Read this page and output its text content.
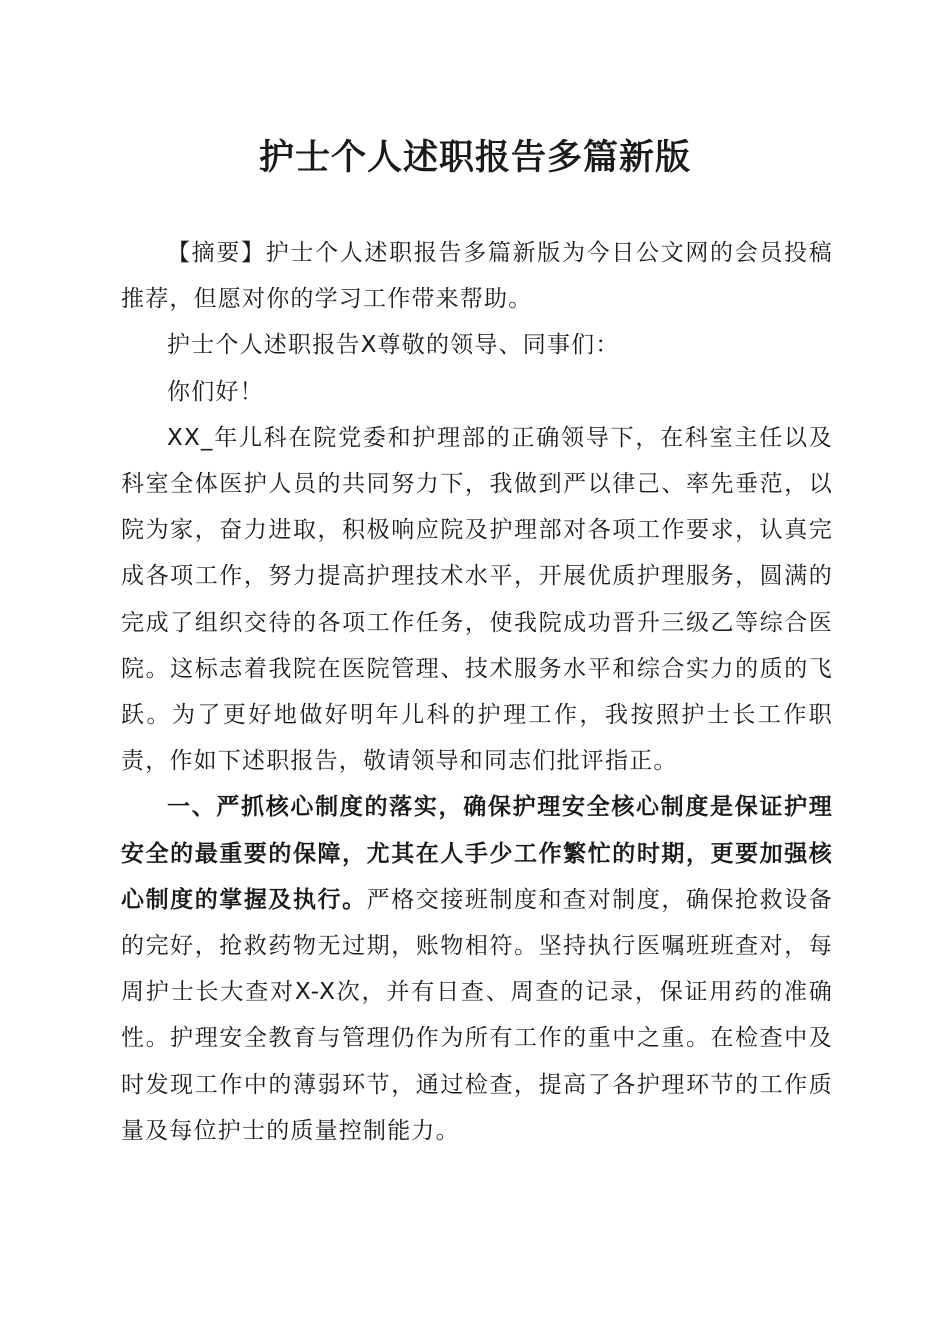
护士个人述职报告多篇新版

【摘要】护士个人述职报告多篇新版为今日公文网的会员投稿推荐，但愿对你的学习工作带来帮助。

护士个人述职报告X尊敬的领导、同事们：

你们好！

XX_年儿科在院党委和护理部的正确领导下，在科室主任以及科室全体医护人员的共同努力下，我做到严以律己、率先垂范，以院为家，奋力进取，积极响应院及护理部对各项工作要求，认真完成各项工作，努力提高护理技术水平，开展优质护理服务，圆满的完成了组织交待的各项工作任务，使我院成功晋升三级乙等综合医院。这标志着我院在医院管理、技术服务水平和综合实力的质的飞跃。为了更好地做好明年儿科的护理工作，我按照护士长工作职责，作如下述职报告，敬请领导和同志们批评指正。

一、严抓核心制度的落实，确保护理安全核心制度是保证护理安全的最重要的保障，尤其在人手少工作繁忙的时期，更要加强核心制度的掌握及执行。严格交接班制度和查对制度，确保抢救设备的完好，抢救药物无过期，账物相符。坚持执行医嘱班班查对，每周护士长大查对X-X次，并有日查、周查的记录，保证用药的准确性。护理安全教育与管理仍作为所有工作的重中之重。在检查中及时发现工作中的薄弱环节，通过检查，提高了各护理环节的工作质量及每位护士的质量控制能力。
